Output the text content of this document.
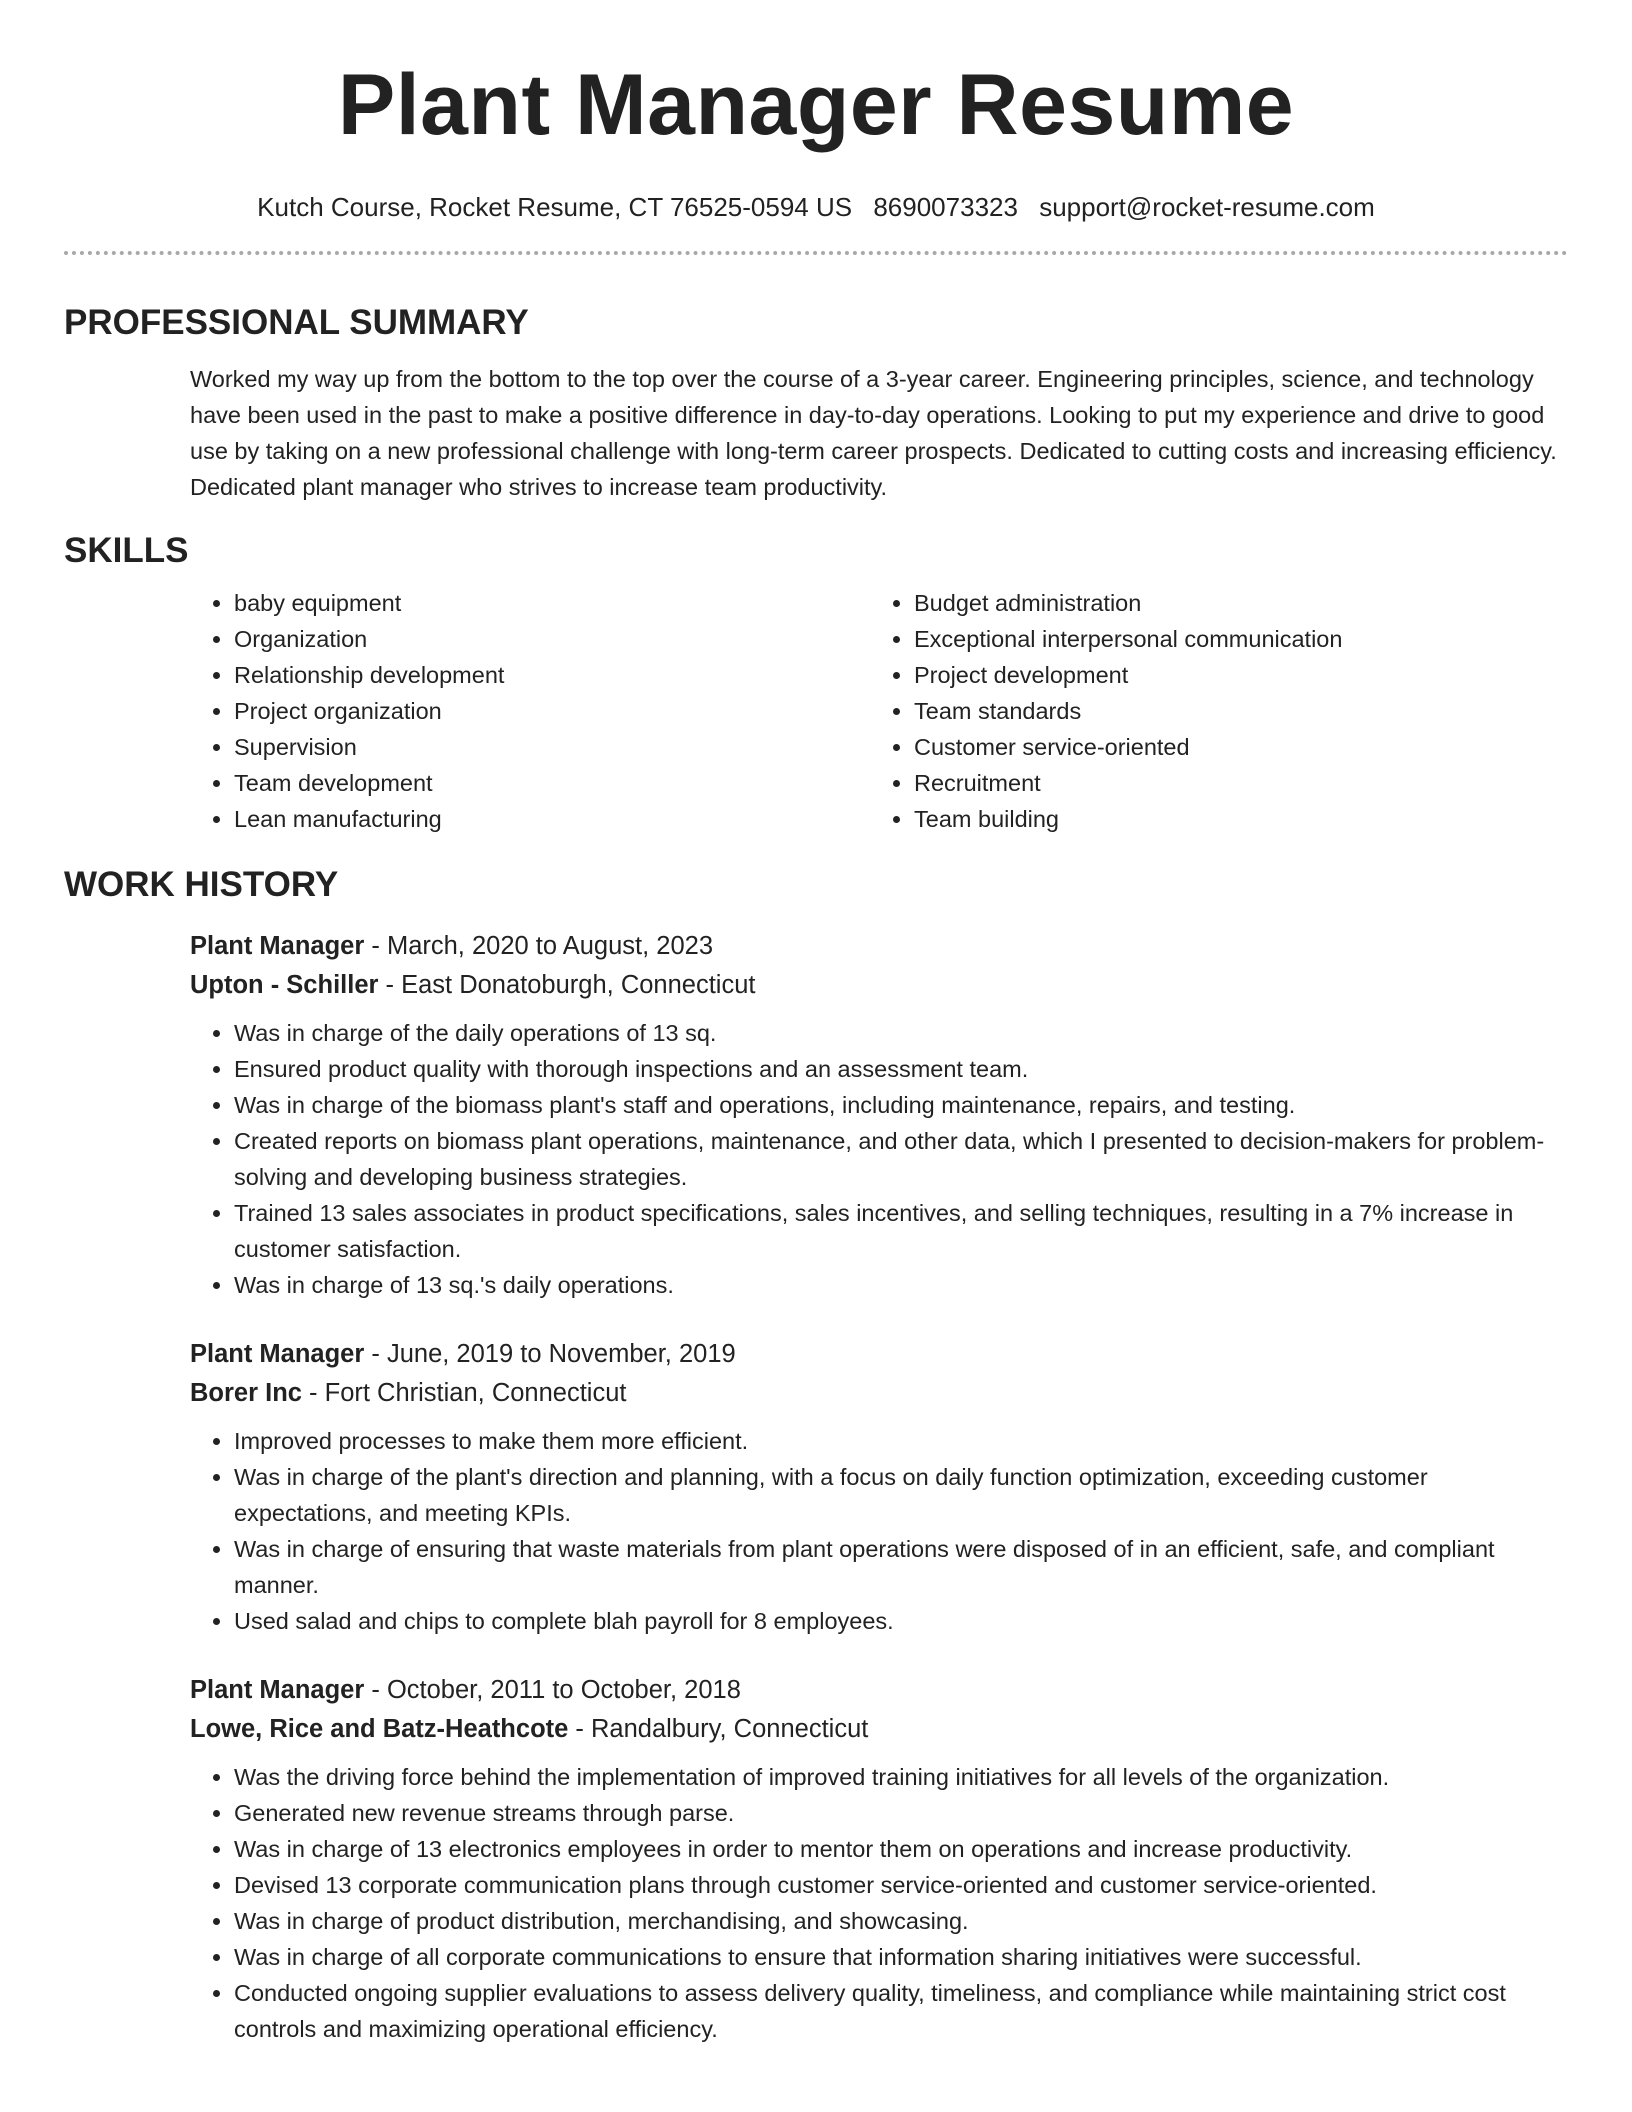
Plant Manager Resume
Kutch Course, Rocket Resume, CT 76525-0594 US 8690073323 support@rocket-resume.com
PROFESSIONAL SUMMARY

Worked my way up from the bottom to the top over the course of a 3-year career. Engineering principles, science, and technology have been used in the past to make a positive difference in day-to-day operations. Looking to put my experience and drive to good use by taking on a new professional challenge with long-term career prospects. Dedicated to cutting costs and increasing efficiency. Dedicated plant manager who strives to increase team productivity.

SKILLS
• baby equipment
• Organization
• Relationship development
• Project organization
• Supervision
• Team development
• Lean manufacturing
• Budget administration
• Exceptional interpersonal communication
• Project development
• Team standards
• Customer service-oriented
• Recruitment
• Team building
WORK HISTORY
Plant Manager - March, 2020 to August, 2023
Upton - Schiller - East Donatoburgh, Connecticut
• Was in charge of the daily operations of 13 sq.
• Ensured product quality with thorough inspections and an assessment team.
• Was in charge of the biomass plant's staff and operations, including maintenance, repairs, and testing.
• Created reports on biomass plant operations, maintenance, and other data, which I presented to decision-makers for problem-solving and developing business strategies.
• Trained 13 sales associates in product specifications, sales incentives, and selling techniques, resulting in a 7% increase in customer satisfaction.
• Was in charge of 13 sq.'s daily operations.
Plant Manager - June, 2019 to November, 2019
Borer Inc - Fort Christian, Connecticut
• Improved processes to make them more efficient.
• Was in charge of the plant's direction and planning, with a focus on daily function optimization, exceeding customer expectations, and meeting KPIs.
• Was in charge of ensuring that waste materials from plant operations were disposed of in an efficient, safe, and compliant manner.
• Used salad and chips to complete blah payroll for 8 employees.
Plant Manager - October, 2011 to October, 2018
Lowe, Rice and Batz-Heathcote - Randalbury, Connecticut
• Was the driving force behind the implementation of improved training initiatives for all levels of the organization.
• Generated new revenue streams through parse.
• Was in charge of 13 electronics employees in order to mentor them on operations and increase productivity.
• Devised 13 corporate communication plans through customer service-oriented and customer service-oriented.
• Was in charge of product distribution, merchandising, and showcasing.
• Was in charge of all corporate communications to ensure that information sharing initiatives were successful.
• Conducted ongoing supplier evaluations to assess delivery quality, timeliness, and compliance while maintaining strict cost controls and maximizing operational efficiency.
